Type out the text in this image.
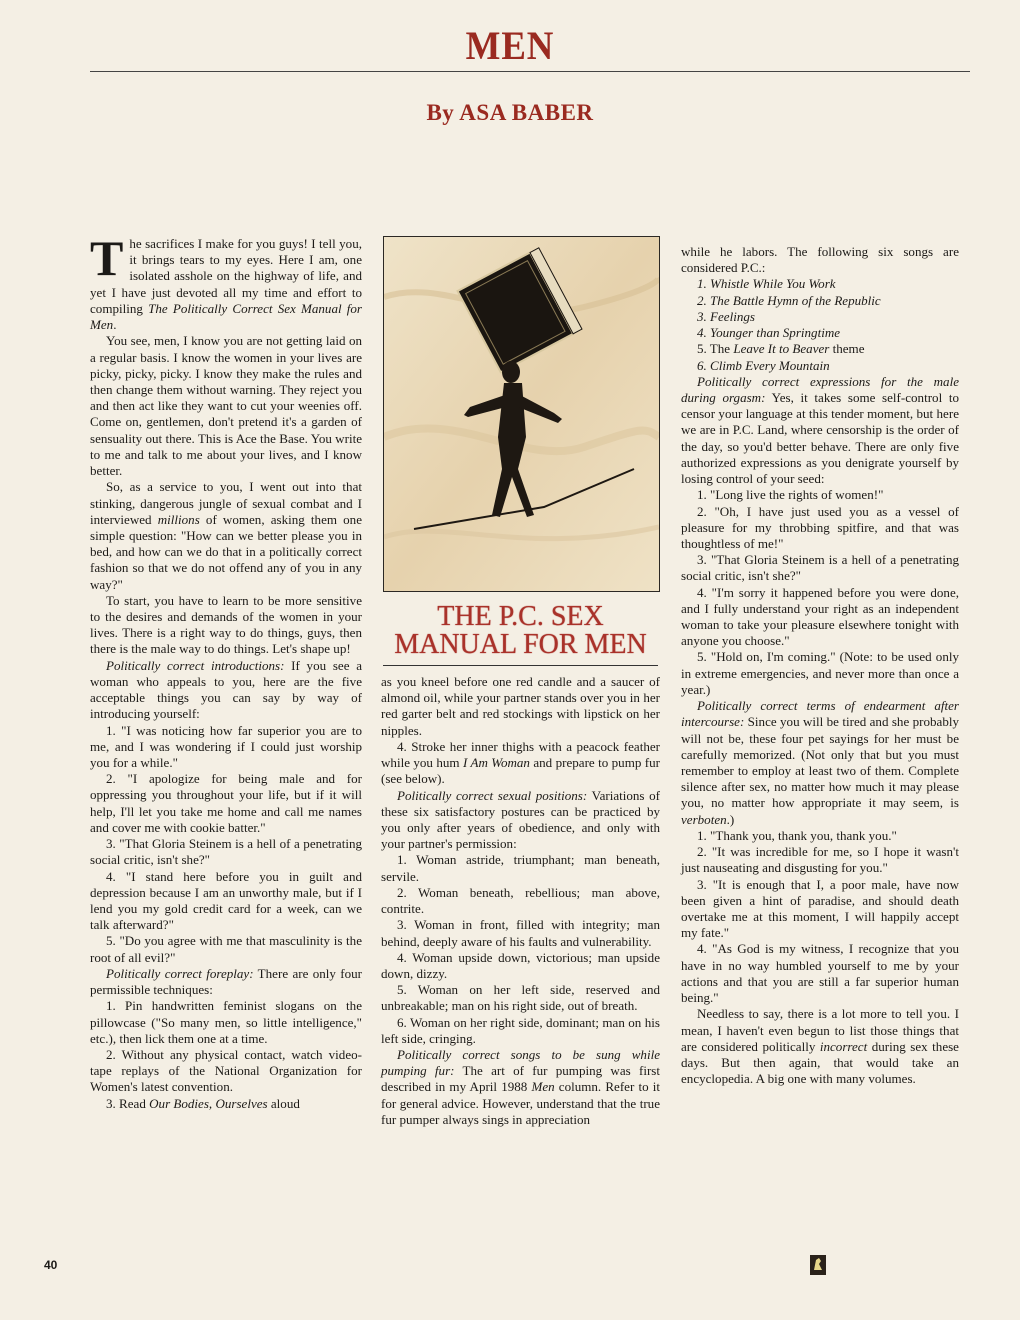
MEN
By ASA BABER

The sacrifices I make for you guys! I tell you, it brings tears to my eyes. Here I am, one isolated asshole on the highway of life, and yet I have just devoted all my time and effort to compiling The Politically Correct Sex Manual for Men.

You see, men, I know you are not getting laid on a regular basis. I know the women in your lives are picky, picky, picky. I know they make the rules and then change them without warning. They reject you and then act like they want to cut your weenies off. Come on, gentlemen, don't pretend it's a garden of sensuality out there. This is Ace the Base. You write to me and talk to me about your lives, and I know better.

So, as a service to you, I went out into that stinking, dangerous jungle of sexual combat and I interviewed millions of women, asking them one simple question: "How can we better please you in bed, and how can we do that in a politically correct fashion so that we do not offend any of you in any way?"

To start, you have to learn to be more sensitive to the desires and demands of the women in your lives. There is a right way to do things, guys, then there is the male way to do things. Let's shape up!

Politically correct introductions: If you see a woman who appeals to you, here are the five acceptable things you can say by way of introducing yourself:

1. "I was noticing how far superior you are to me, and I was wondering if I could just worship you for a while."

2. "I apologize for being male and for oppressing you throughout your life, but if it will help, I'll let you take me home and call me names and cover me with cookie batter."

3. "That Gloria Steinem is a hell of a penetrating social critic, isn't she?"

4. "I stand here before you in guilt and depression because I am an unworthy male, but if I lend you my gold credit card for a week, can we talk afterward?"

5. "Do you agree with me that masculinity is the root of all evil?"

Politically correct foreplay: There are only four permissible techniques:

1. Pin handwritten feminist slogans on the pillowcase ("So many men, so little intelligence," etc.), then lick them one at a time.

2. Without any physical contact, watch video-tape replays of the National Organization for Women's latest convention.

3. Read Our Bodies, Ourselves aloud

THE P.C. SEX
MANUAL FOR MEN

as you kneel before one red candle and a saucer of almond oil, while your partner stands over you in her red garter belt and red stockings with lipstick on her nipples.

4. Stroke her inner thighs with a peacock feather while you hum I Am Woman and prepare to pump fur (see below).

Politically correct sexual positions: Variations of these six satisfactory postures can be practiced by you only after years of obedience, and only with your partner's permission:

1. Woman astride, triumphant; man beneath, servile.

2. Woman beneath, rebellious; man above, contrite.

3. Woman in front, filled with integrity; man behind, deeply aware of his faults and vulnerability.

4. Woman upside down, victorious; man upside down, dizzy.

5. Woman on her left side, reserved and unbreakable; man on his right side, out of breath.

6. Woman on her right side, dominant; man on his left side, cringing.

Politically correct songs to be sung while pumping fur: The art of fur pumping was first described in my April 1988 Men column. Refer to it for general advice. However, understand that the true fur pumper always sings in appreciation

while he labors. The following six songs are considered P.C.:

1. Whistle While You Work

2. The Battle Hymn of the Republic

3. Feelings

4. Younger than Springtime

5. The Leave It to Beaver theme

6. Climb Every Mountain

Politically correct expressions for the male during orgasm: Yes, it takes some self-control to censor your language at this tender moment, but here we are in P.C. Land, where censorship is the order of the day, so you'd better behave. There are only five authorized expressions as you denigrate yourself by losing control of your seed:

1. "Long live the rights of women!"

2. "Oh, I have just used you as a vessel of pleasure for my throbbing spitfire, and that was thoughtless of me!"

3. "That Gloria Steinem is a hell of a penetrating social critic, isn't she?"

4. "I'm sorry it happened before you were done, and I fully understand your right as an independent woman to take your pleasure elsewhere tonight with anyone you choose."

5. "Hold on, I'm coming." (Note: to be used only in extreme emergencies, and never more than once a year.)

Politically correct terms of endearment after intercourse: Since you will be tired and she probably will not be, these four pet sayings for her must be carefully memorized. (Not only that but you must remember to employ at least two of them. Complete silence after sex, no matter how much it may please you, no matter how appropriate it may seem, is verboten.)

1. "Thank you, thank you, thank you."

2. "It was incredible for me, so I hope it wasn't just nauseating and disgusting for you."

3. "It is enough that I, a poor male, have now been given a hint of paradise, and should death overtake me at this moment, I will happily accept my fate."

4. "As God is my witness, I recognize that you have in no way humbled yourself to me by your actions and that you are still a far superior human being."

Needless to say, there is a lot more to tell you. I mean, I haven't even begun to list those things that are considered politically incorrect during sex these days. But then again, that would take an encyclopedia. A big one with many volumes.

40
